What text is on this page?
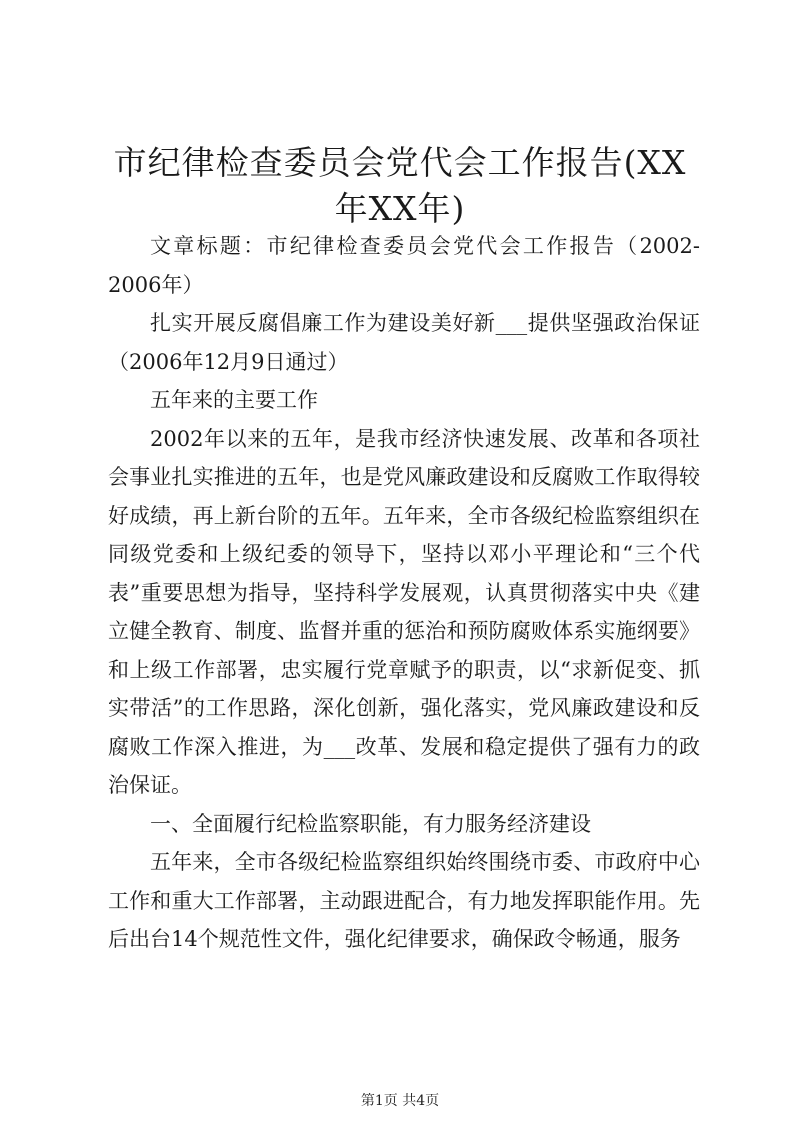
市纪律检查委员会党代会工作报告(XX年XX年)

文章标题：市纪律检查委员会党代会工作报告（2002-2006年）

扎实开展反腐倡廉工作为建设美好新___提供坚强政治保证（2006年12月9日通过）

五年来的主要工作

2002年以来的五年，是我市经济快速发展、改革和各项社会事业扎实推进的五年，也是党风廉政建设和反腐败工作取得较好成绩，再上新台阶的五年。五年来，全市各级纪检监察组织在同级党委和上级纪委的领导下，坚持以邓小平理论和“三个代表”重要思想为指导，坚持科学发展观，认真贯彻落实中央《建立健全教育、制度、监督并重的惩治和预防腐败体系实施纲要》和上级工作部署，忠实履行党章赋予的职责，以“求新促变、抓实带活”的工作思路，深化创新，强化落实，党风廉政建设和反腐败工作深入推进，为___改革、发展和稳定提供了强有力的政治保证。

一、全面履行纪检监察职能，有力服务经济建设

五年来，全市各级纪检监察组织始终围绕市委、市政府中心工作和重大工作部署，主动跟进配合，有力地发挥职能作用。先后出台14个规范性文件，强化纪律要求，确保政令畅通，服务

第1页 共4页
